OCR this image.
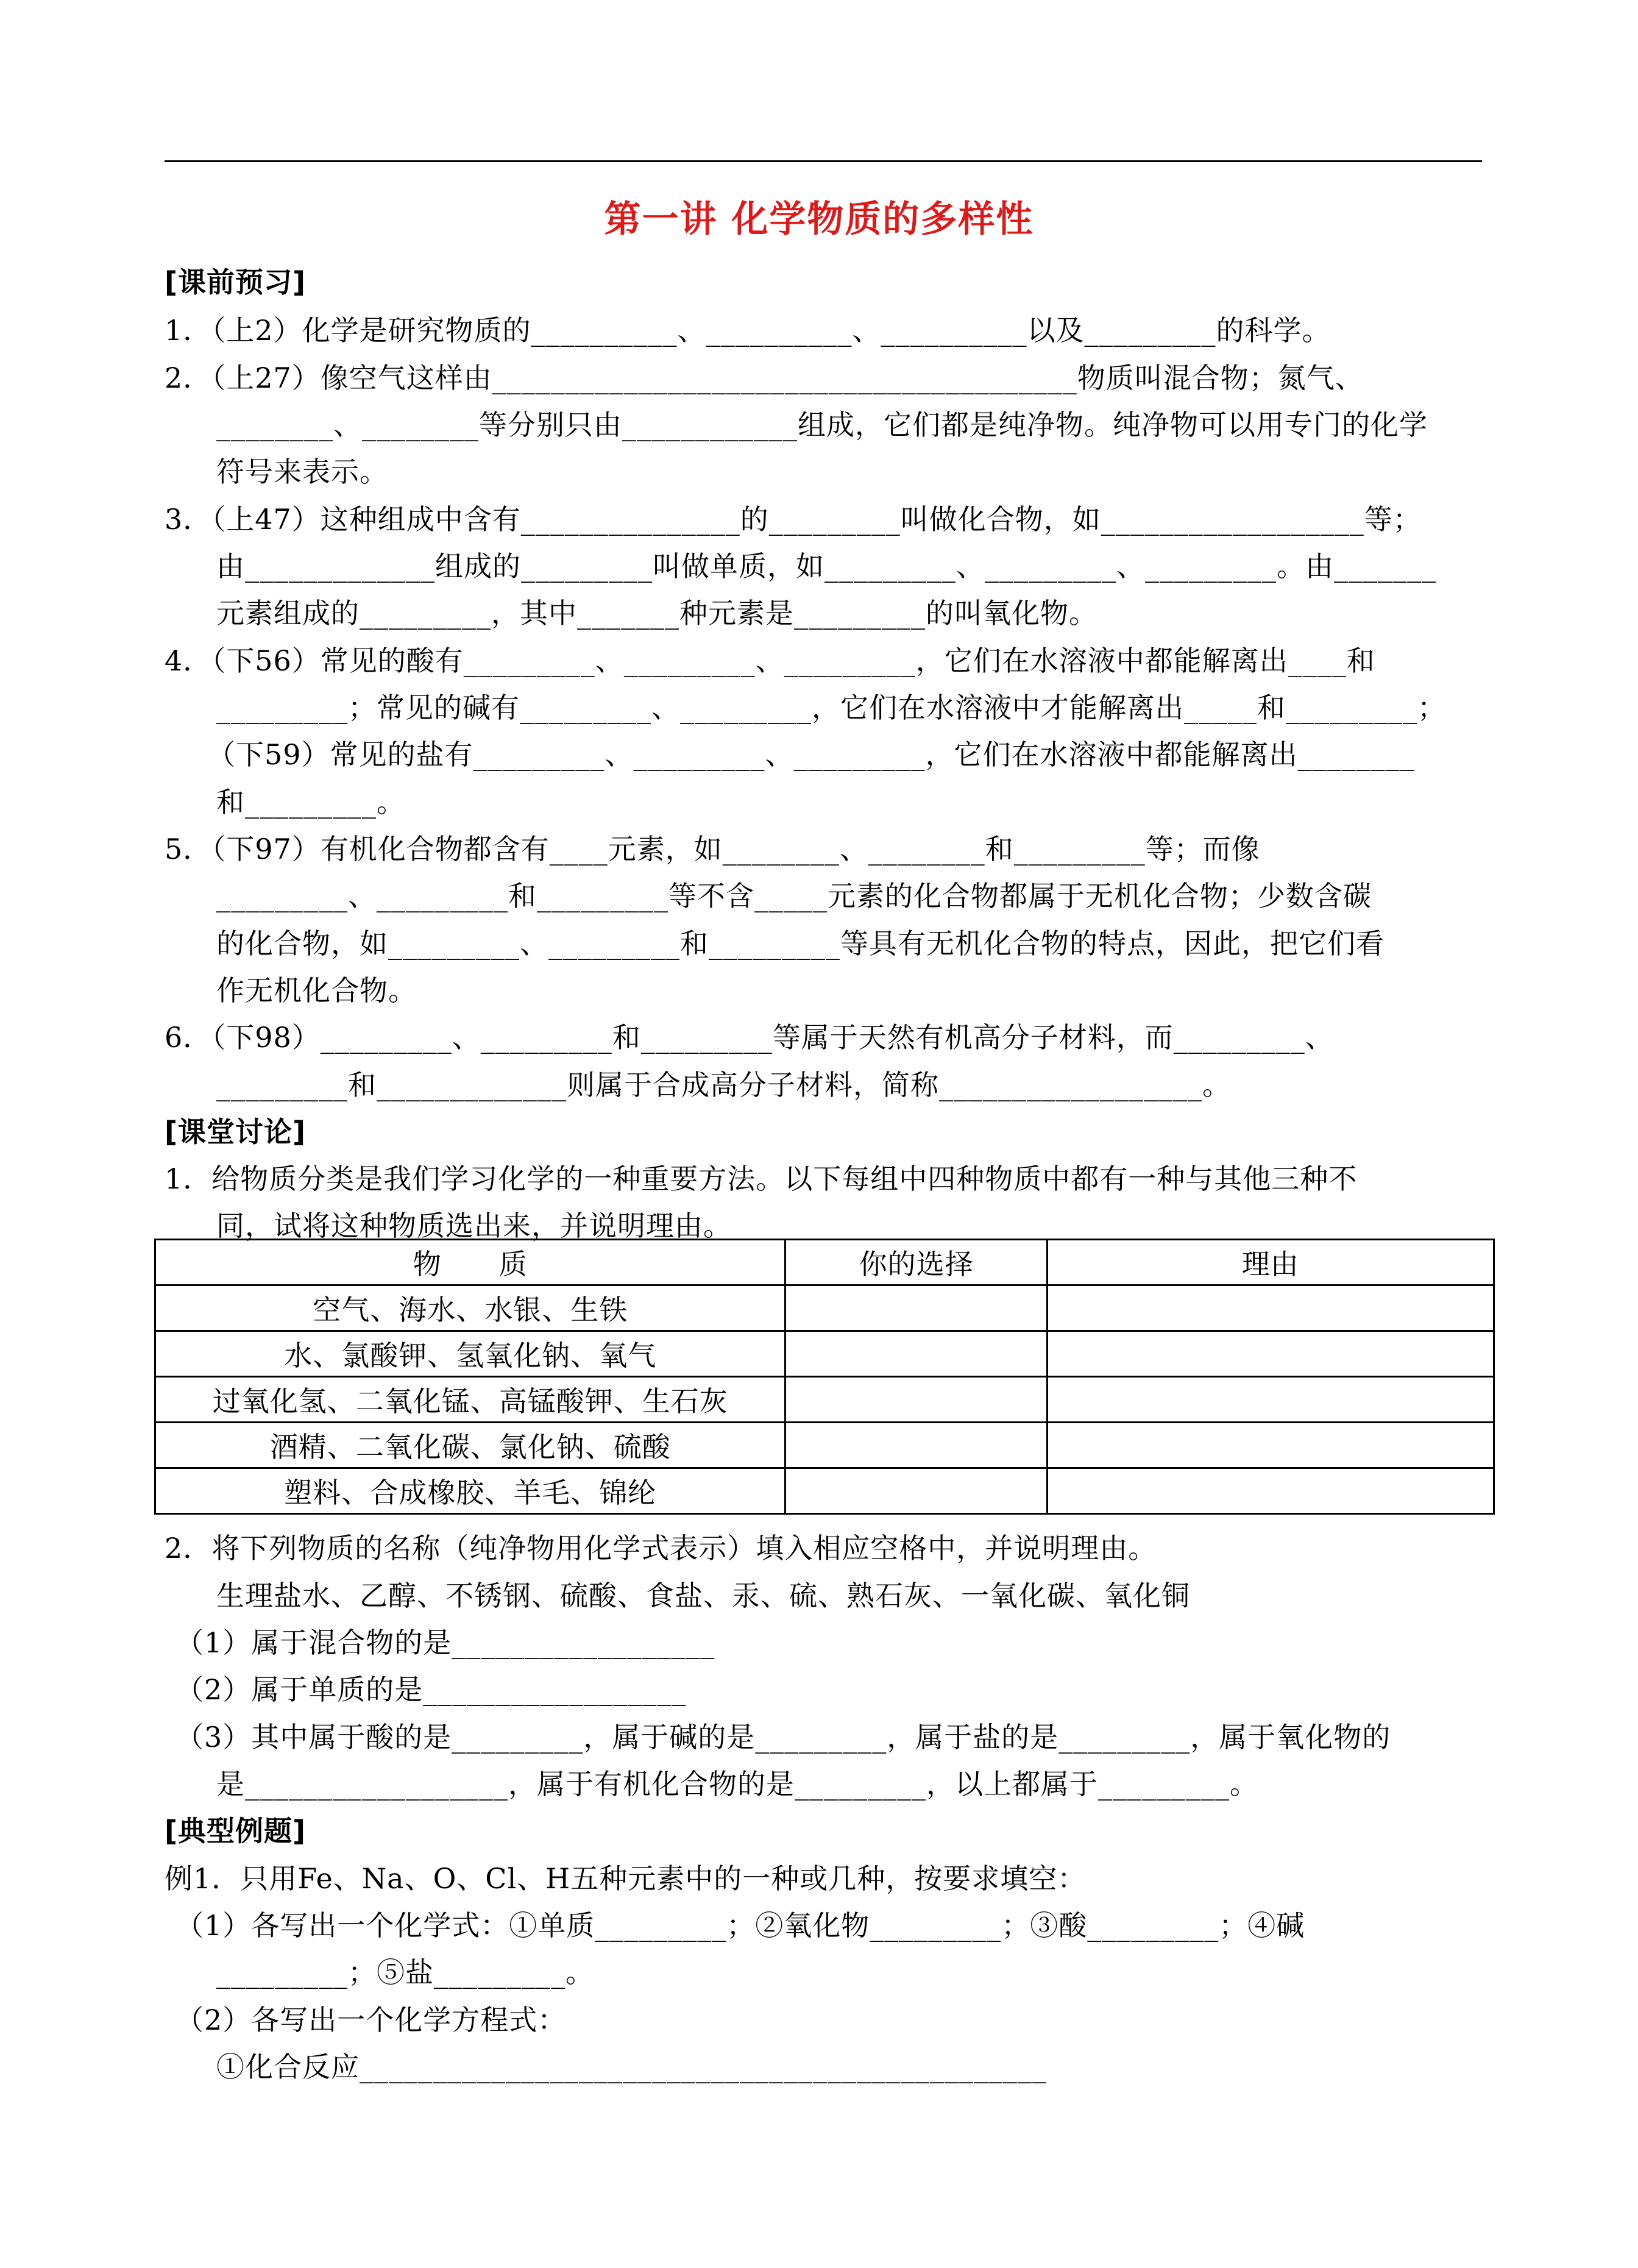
第一讲 化学物质的多样性
[课前预习]
1．（上2）化学是研究物质的__________、__________、__________以及_________的科学。
2．（上27）像空气这样由________________________________________物质叫混合物；氮气、
________、________等分别只由____________组成，它们都是纯净物。纯净物可以用专门的化学
符号来表示。
3．（上47）这种组成中含有_______________的_________叫做化合物，如__________________等；
由_____________组成的_________叫做单质，如_________、_________、_________。由_______
元素组成的_________，其中_______种元素是_________的叫氧化物。
4．（下56）常见的酸有_________、_________、_________，它们在水溶液中都能解离出____和
_________；常见的碱有_________、_________，它们在水溶液中才能解离出_____和_________；
（下59）常见的盐有_________、_________、_________，它们在水溶液中都能解离出________
和_________。
5．（下97）有机化合物都含有____元素，如________、________和_________等；而像
_________、_________和_________等不含_____元素的化合物都属于无机化合物；少数含碳
的化合物，如_________、_________和_________等具有无机化合物的特点，因此，把它们看
作无机化合物。
6．（下98）_________、_________和_________等属于天然有机高分子材料，而_________、
_________和_____________则属于合成高分子材料，简称__________________。
[课堂讨论]
1．给物质分类是我们学习化学的一种重要方法。以下每组中四种物质中都有一种与其他三种不
同，试将这种物质选出来，并说明理由。
物　　质	你的选择	理由
空气、海水、水银、生铁		
水、氯酸钾、氢氧化钠、氧气		
过氧化氢、二氧化锰、高锰酸钾、生石灰		
酒精、二氧化碳、氯化钠、硫酸		
塑料、合成橡胶、羊毛、锦纶		
2．将下列物质的名称（纯净物用化学式表示）填入相应空格中，并说明理由。
生理盐水、乙醇、不锈钢、硫酸、食盐、汞、硫、熟石灰、一氧化碳、氧化铜
（1）属于混合物的是__________________
（2）属于单质的是__________________
（3）其中属于酸的是_________，属于碱的是_________，属于盐的是_________，属于氧化物的
是__________________，属于有机化合物的是_________，以上都属于_________。
[典型例题]
例1．只用Fe、Na、O、Cl、H五种元素中的一种或几种，按要求填空：
（1）各写出一个化学式：①单质_________；②氧化物_________；③酸_________；④碱
_________；⑤盐_________。
（2）各写出一个化学方程式：
①化合反应_______________________________________________
